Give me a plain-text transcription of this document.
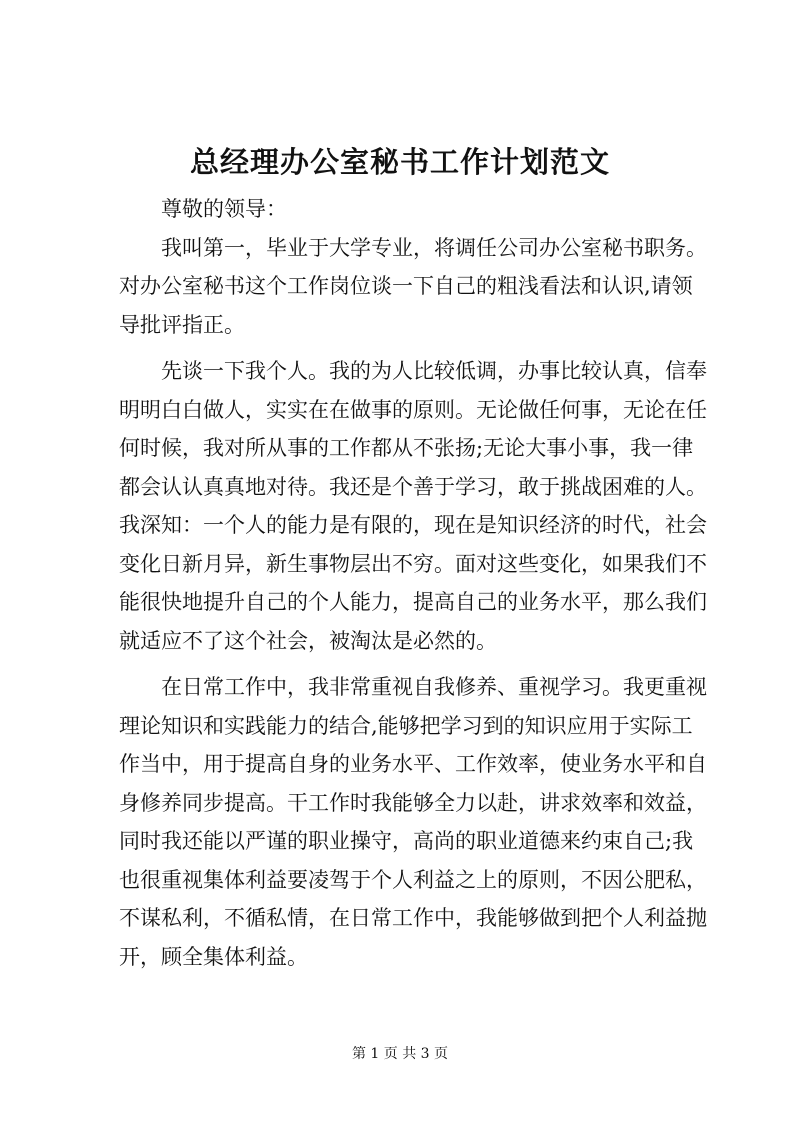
总经理办公室秘书工作计划范文
尊敬的领导：
我叫第一，毕业于大学专业，将调任公司办公室秘书职务。
对办公室秘书这个工作岗位谈一下自己的粗浅看法和认识,请领
导批评指正。
先谈一下我个人。我的为人比较低调，办事比较认真，信奉
明明白白做人，实实在在做事的原则。无论做任何事，无论在任
何时候，我对所从事的工作都从不张扬;无论大事小事，我一律
都会认认真真地对待。我还是个善于学习，敢于挑战困难的人。
我深知：一个人的能力是有限的，现在是知识经济的时代，社会
变化日新月异，新生事物层出不穷。面对这些变化，如果我们不
能很快地提升自己的个人能力，提高自己的业务水平，那么我们
就适应不了这个社会，被淘汰是必然的。
在日常工作中，我非常重视自我修养、重视学习。我更重视
理论知识和实践能力的结合,能够把学习到的知识应用于实际工
作当中，用于提高自身的业务水平、工作效率，使业务水平和自
身修养同步提高。干工作时我能够全力以赴，讲求效率和效益，
同时我还能以严谨的职业操守，高尚的职业道德来约束自己;我
也很重视集体利益要凌驾于个人利益之上的原则，不因公肥私，
不谋私利，不循私情，在日常工作中，我能够做到把个人利益抛
开，顾全集体利益。
第 1 页 共 3 页
